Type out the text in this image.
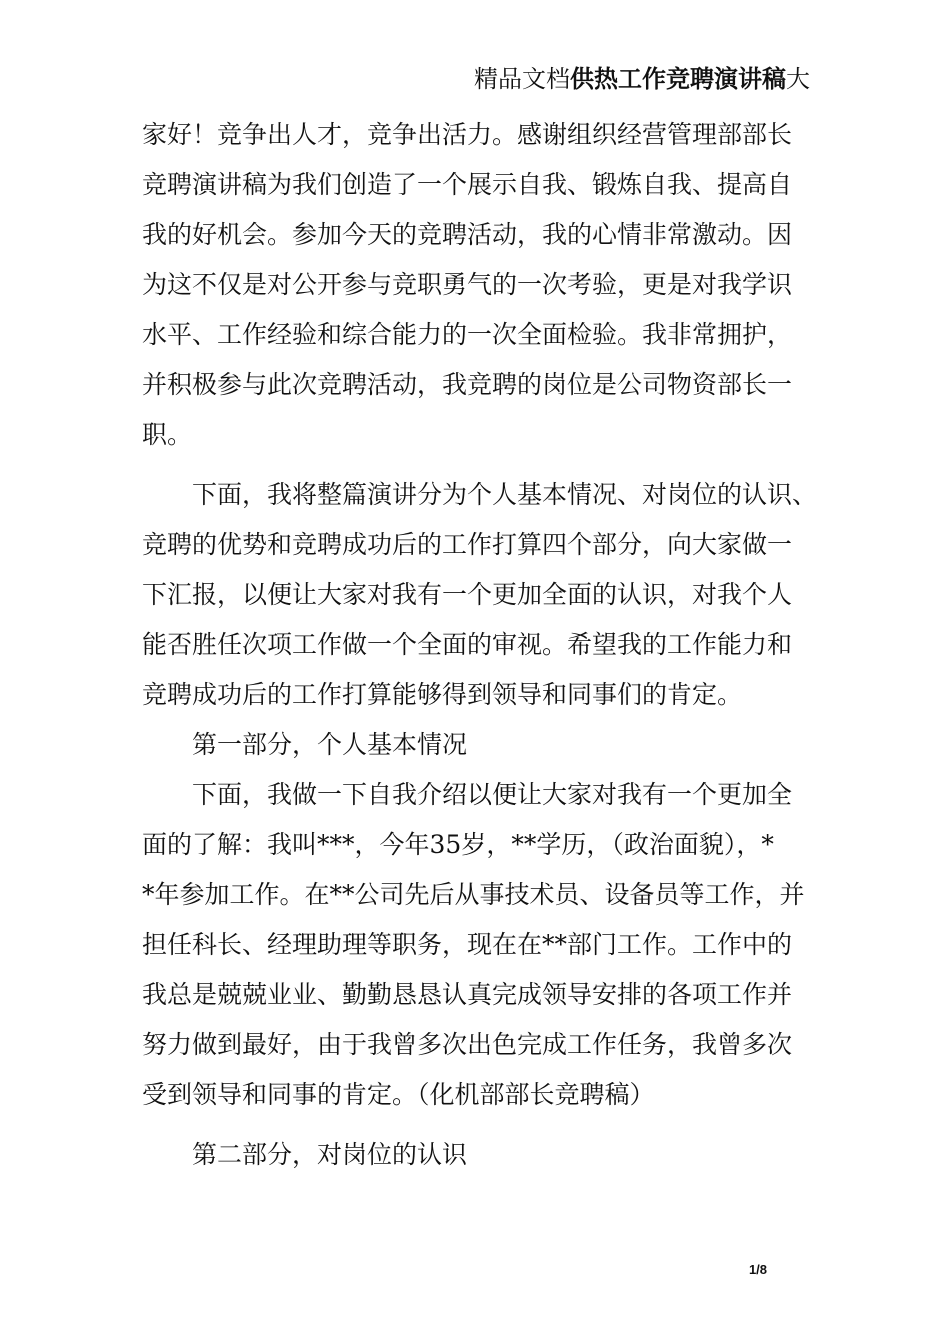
精品文档供热工作竞聘演讲稿大
家好！竞争出人才，竞争出活力。感谢组织经营管理部部长
竞聘演讲稿为我们创造了一个展示自我、锻炼自我、提高自
我的好机会。参加今天的竞聘活动，我的心情非常激动。因
为这不仅是对公开参与竞职勇气的一次考验，更是对我学识
水平、工作经验和综合能力的一次全面检验。我非常拥护，
并积极参与此次竞聘活动，我竞聘的岗位是公司物资部长一
职。
下面，我将整篇演讲分为个人基本情况、对岗位的认识、
竞聘的优势和竞聘成功后的工作打算四个部分，向大家做一
下汇报，以便让大家对我有一个更加全面的认识，对我个人
能否胜任次项工作做一个全面的审视。希望我的工作能力和
竞聘成功后的工作打算能够得到领导和同事们的肯定。
第一部分，个人基本情况
下面，我做一下自我介绍以便让大家对我有一个更加全
面的了解：我叫***，今年35岁，**学历，（政治面貌），*
*年参加工作。在**公司先后从事技术员、设备员等工作，并
担任科长、经理助理等职务，现在在**部门工作。工作中的
我总是兢兢业业、勤勤恳恳认真完成领导安排的各项工作并
努力做到最好，由于我曾多次出色完成工作任务，我曾多次
受到领导和同事的肯定。（化机部部长竞聘稿）
第二部分，对岗位的认识
1/8
